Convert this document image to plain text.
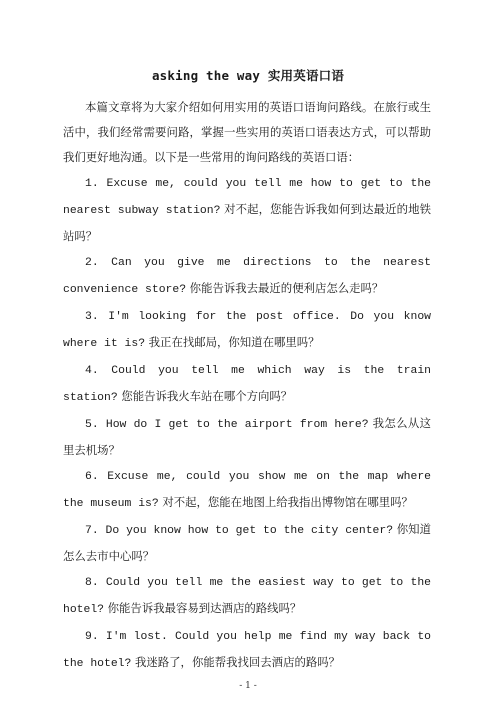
asking the way 实用英语口语

本篇文章将为大家介绍如何用实用的英语口语询问路线。在旅行或生活中，我们经常需要问路，掌握一些实用的英语口语表达方式，可以帮助我们更好地沟通。以下是一些常用的询问路线的英语口语：

1. Excuse me, could you tell me how to get to the nearest subway station? 对不起，您能告诉我如何到达最近的地铁站吗？

2. Can you give me directions to the nearest convenience store? 你能告诉我去最近的便利店怎么走吗？

3. I'm looking for the post office. Do you know where it is? 我正在找邮局，你知道在哪里吗？

4. Could you tell me which way is the train station? 您能告诉我火车站在哪个方向吗？

5. How do I get to the airport from here? 我怎么从这里去机场？

6. Excuse me, could you show me on the map where the museum is? 对不起，您能在地图上给我指出博物馆在哪里吗？

7. Do you know how to get to the city center? 你知道怎么去市中心吗？

8. Could you tell me the easiest way to get to the hotel? 你能告诉我最容易到达酒店的路线吗？

9. I'm lost. Could you help me find my way back to the hotel? 我迷路了，你能帮我找回去酒店的路吗？

- 1 -
